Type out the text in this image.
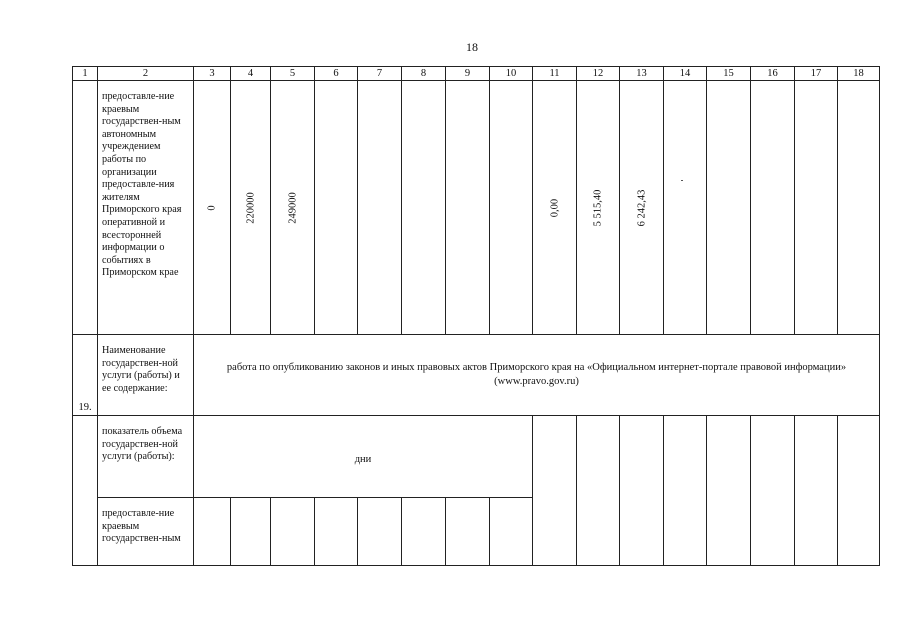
18
1	2	3	4	5	6	7	8	9	10	11	12	13	14	15	16	17	18
	предоставле-ние краевым государствен-ным автономным учреждением работы по организации предоставле-ния жителям Приморского края оперативной и всесторонней информации о событиях в Приморском крае	0	220000	249000						0,00	5 515,40	6 242,43					

19.	Наименование государствен-ной услуги (работы) и ее содержание:	работа по опубликованию законов и иных правовых актов Приморского края на «Официальном интернет-портале правовой информации» (www.pravo.gov.ru)															
	показатель объема государствен-ной услуги (работы):	дни															
	предоставле-ние краевым государствен-ным																
